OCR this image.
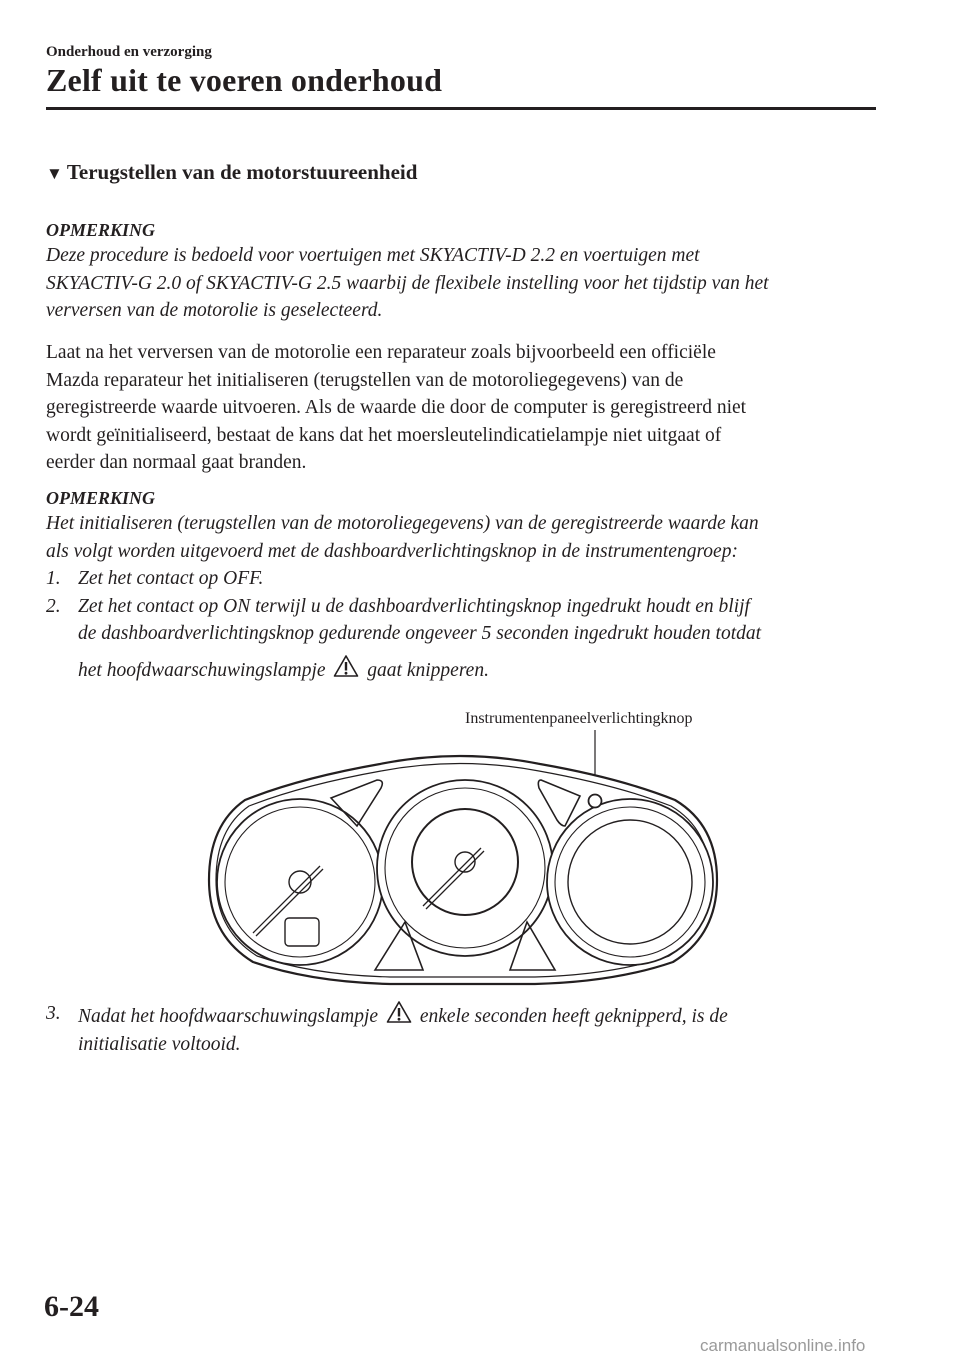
Onderhoud en verzorging
Zelf uit te voeren onderhoud
▼ Terugstellen van de motorstuureenheid
OPMERKING
Deze procedure is bedoeld voor voertuigen met SKYACTIV-D 2.2 en voertuigen met
SKYACTIV-G 2.0 of SKYACTIV-G 2.5 waarbij de flexibele instelling voor het tijdstip van het
verversen van de motorolie is geselecteerd.
Laat na het verversen van de motorolie een reparateur zoals bijvoorbeeld een officiële
Mazda reparateur het initialiseren (terugstellen van de motoroliegegevens) van de
geregistreerde waarde uitvoeren. Als de waarde die door de computer is geregistreerd niet
wordt geïnitialiseerd, bestaat de kans dat het moersleutelindicatielampje niet uitgaat of
eerder dan normaal gaat branden.
OPMERKING
Het initialiseren (terugstellen van de motoroliegegevens) van de geregistreerde waarde kan
als volgt worden uitgevoerd met de dashboardverlichtingsknop in de instrumentengroep:
1. Zet het contact op OFF.
2. Zet het contact op ON terwijl u de dashboardverlichtingsknop ingedrukt houdt en blijf
de dashboardverlichtingsknop gedurende ongeveer 5 seconden ingedrukt houden totdat
het hoofdwaarschuwingslampje gaat knipperen.
Instrumentenpaneelverlichtingknop
3. Nadat het hoofdwaarschuwingslampje enkele seconden heeft geknipperd, is de
initialisatie voltooid.
6-24
carmanualsonline.info
